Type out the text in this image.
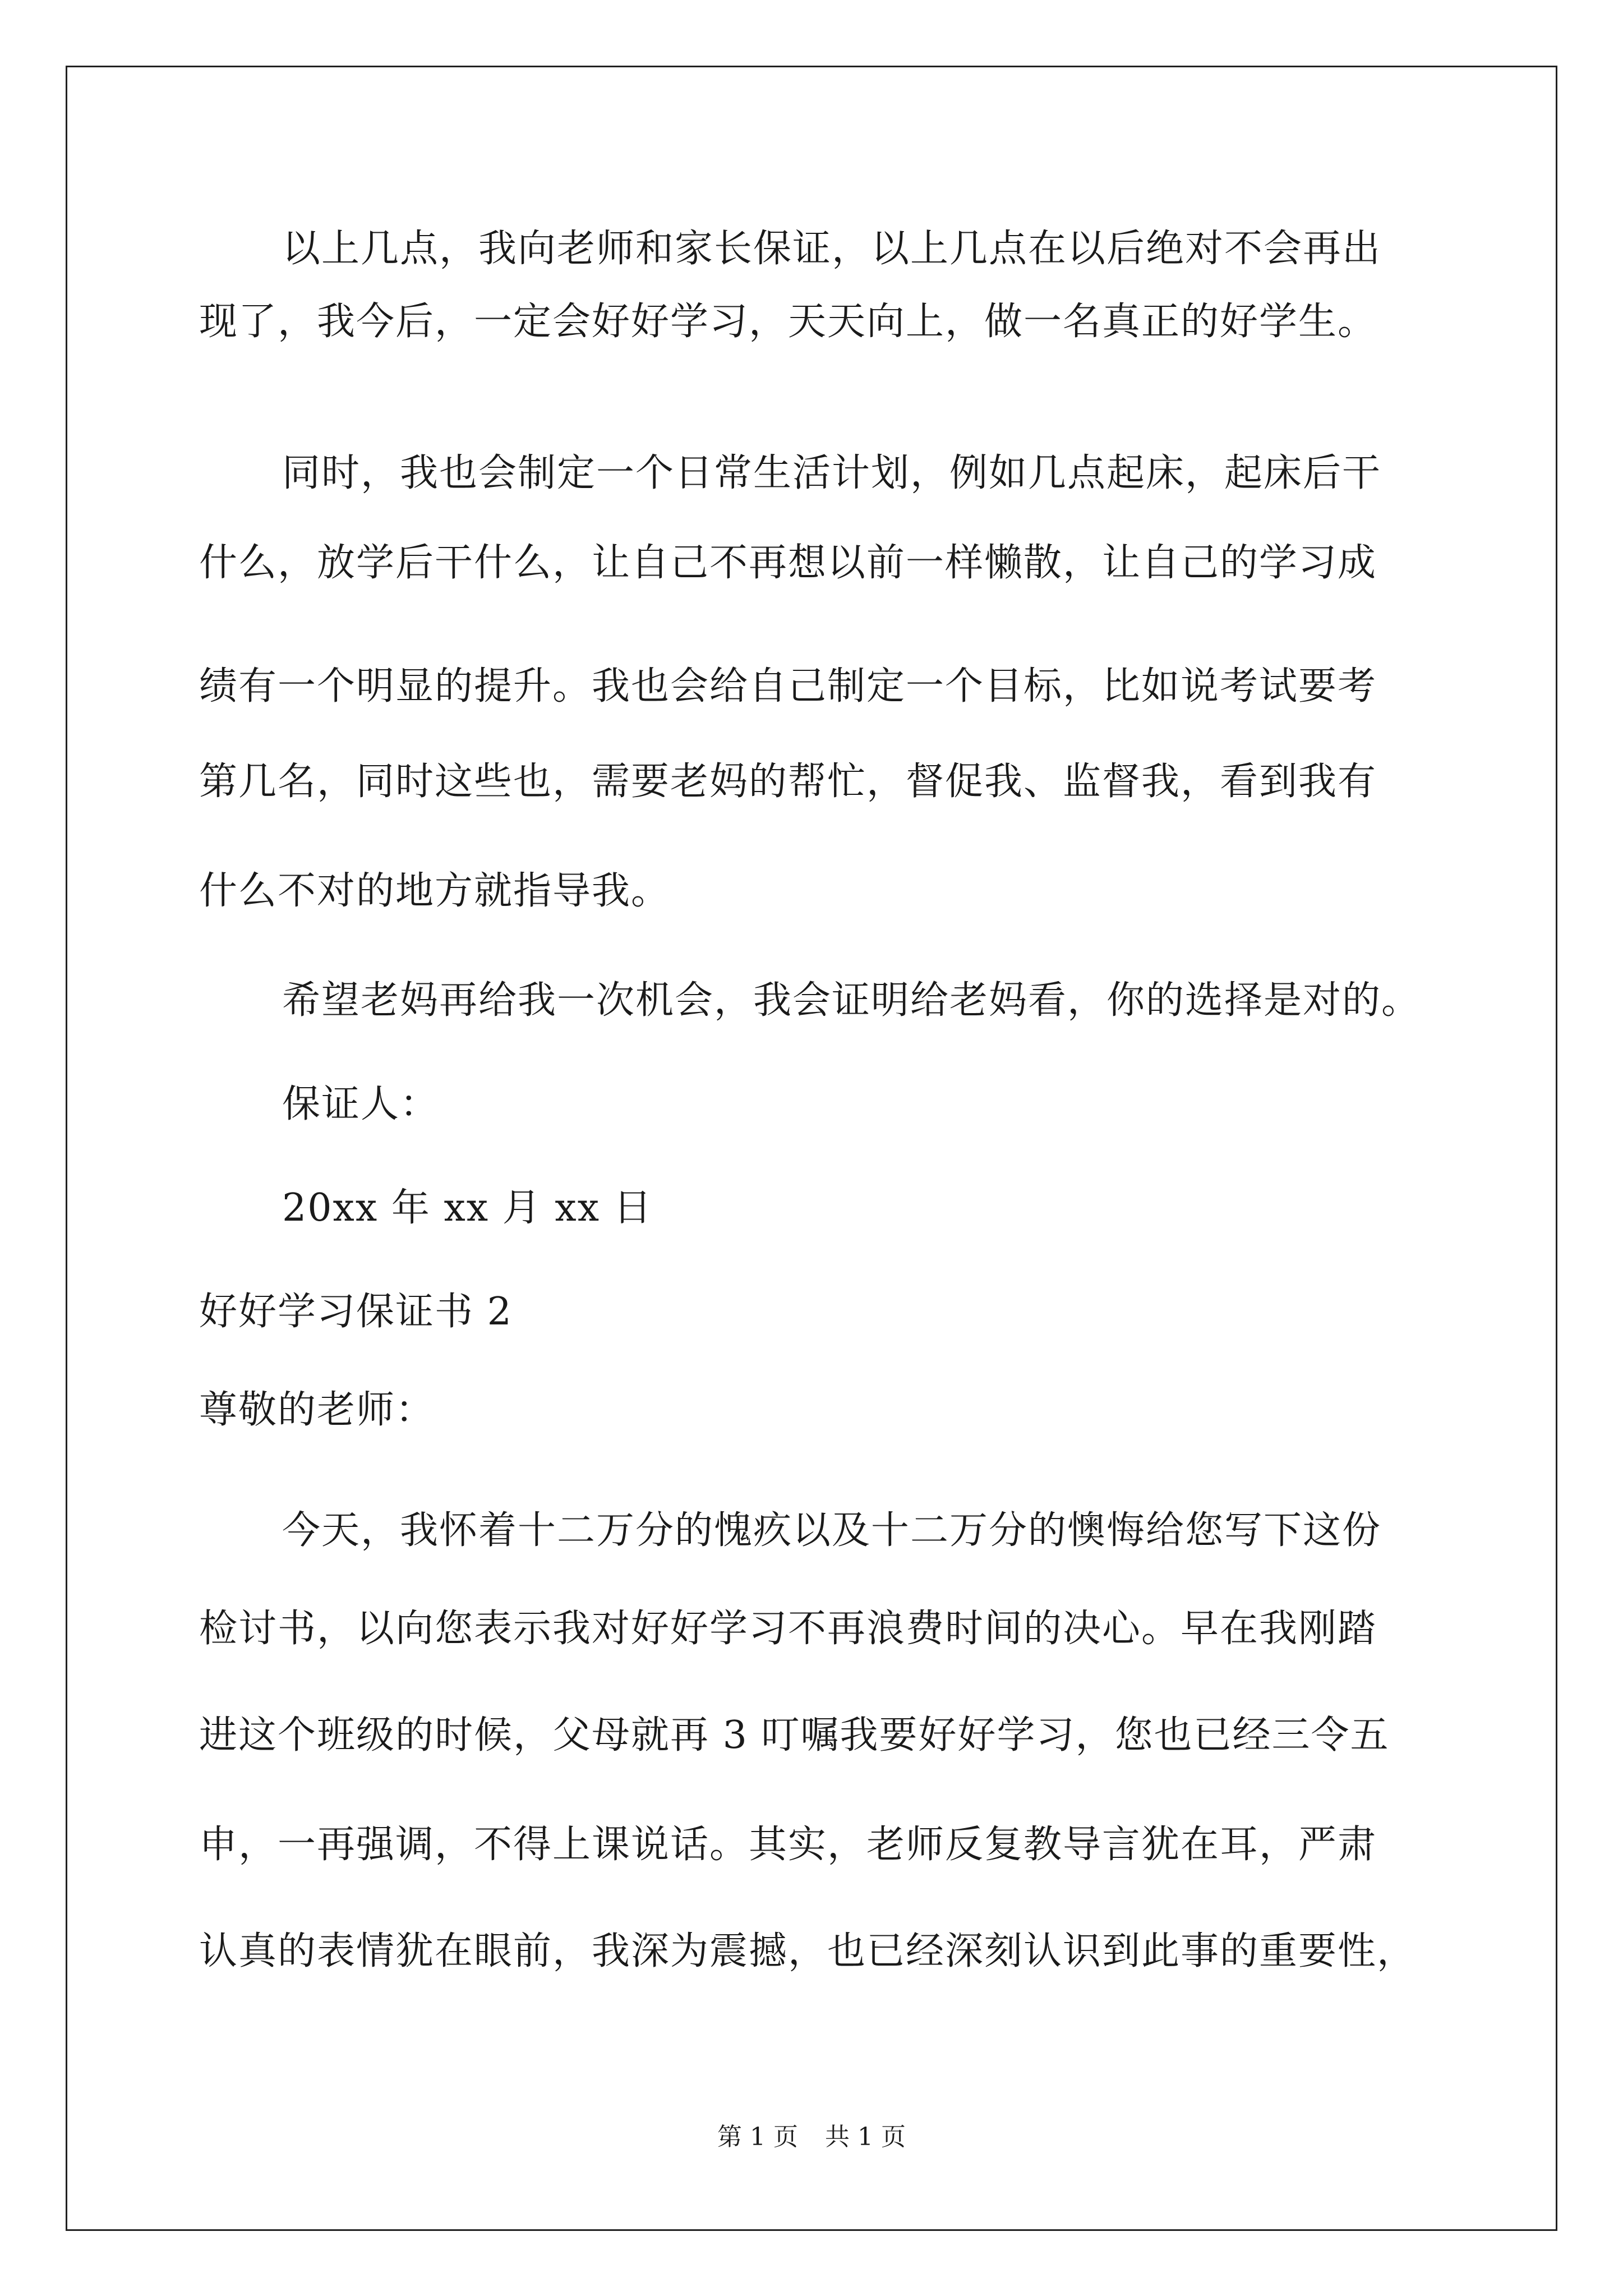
以上几点，我向老师和家长保证，以上几点在以后绝对不会再出
现了，我今后，一定会好好学习，天天向上，做一名真正的好学生。
同时，我也会制定一个日常生活计划，例如几点起床，起床后干
什么，放学后干什么，让自己不再想以前一样懒散，让自己的学习成
绩有一个明显的提升。我也会给自己制定一个目标，比如说考试要考
第几名，同时这些也，需要老妈的帮忙，督促我、监督我，看到我有
什么不对的地方就指导我。
希望老妈再给我一次机会，我会证明给老妈看，你的选择是对的。
保证人：
20xx 年 xx 月 xx 日
好好学习保证书 2
尊敬的老师：
今天，我怀着十二万分的愧疚以及十二万分的懊悔给您写下这份
检讨书，以向您表示我对好好学习不再浪费时间的决心。早在我刚踏
进这个班级的时候，父母就再 3 叮嘱我要好好学习，您也已经三令五
申，一再强调，不得上课说话。其实，老师反复教导言犹在耳，严肃
认真的表情犹在眼前，我深为震撼，也已经深刻认识到此事的重要性，
第 1 页 共 1 页
